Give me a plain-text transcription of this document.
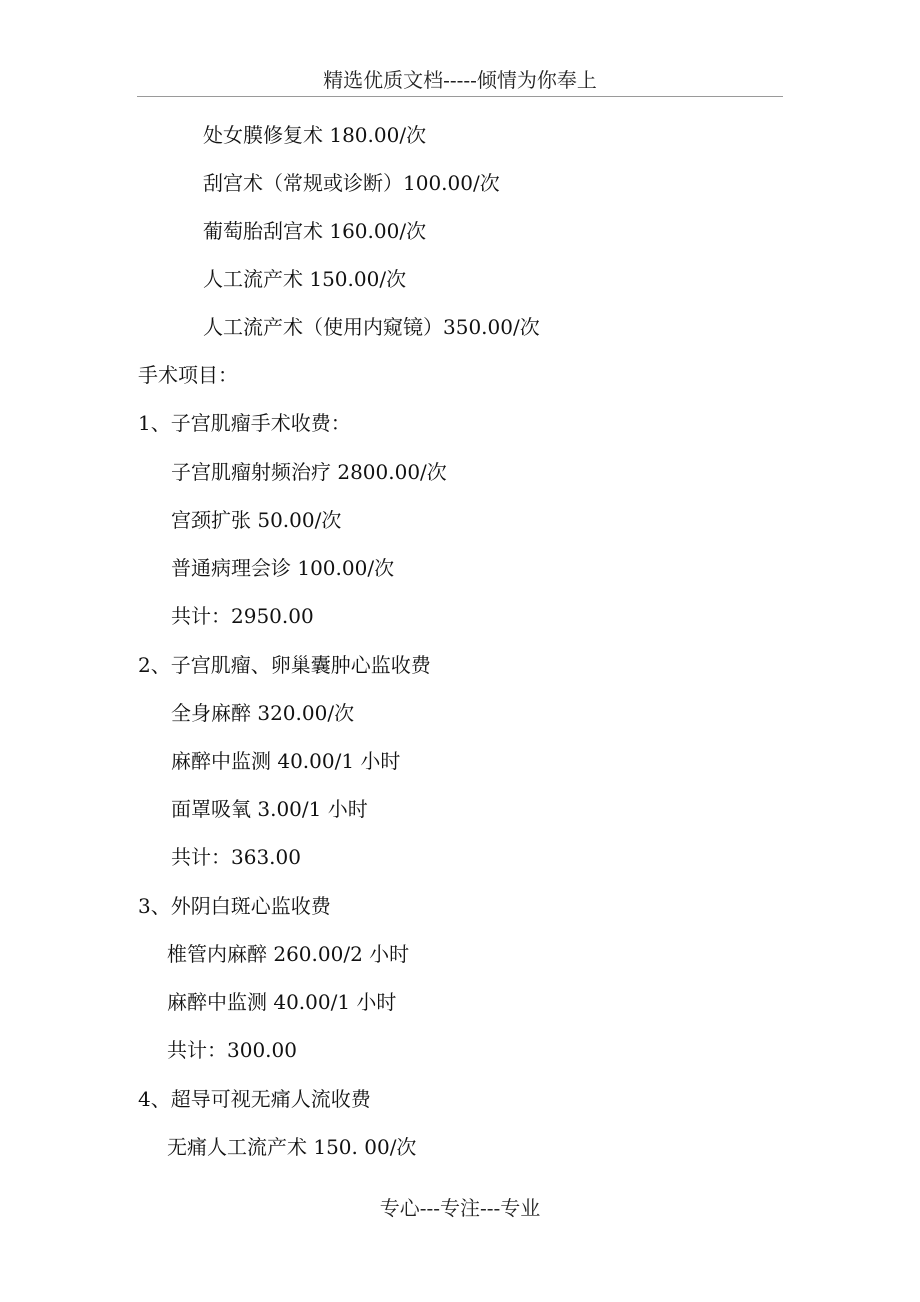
精选优质文档-----倾情为你奉上
处女膜修复术 180.00/次
刮宫术（常规或诊断）100.00/次
葡萄胎刮宫术 160.00/次
人工流产术 150.00/次
人工流产术（使用内窥镜）350.00/次
手术项目：
1、子宫肌瘤手术收费：
子宫肌瘤射频治疗 2800.00/次
宫颈扩张 50.00/次
普通病理会诊 100.00/次
共计：2950.00
2、子宫肌瘤、卵巢囊肿心监收费
全身麻醉 320.00/次
麻醉中监测 40.00/1 小时
面罩吸氧 3.00/1 小时
共计：363.00
3、外阴白斑心监收费
椎管内麻醉 260.00/2 小时
麻醉中监测 40.00/1 小时
共计：300.00
4、超导可视无痛人流收费
无痛人工流产术 150. 00/次
专心---专注---专业
